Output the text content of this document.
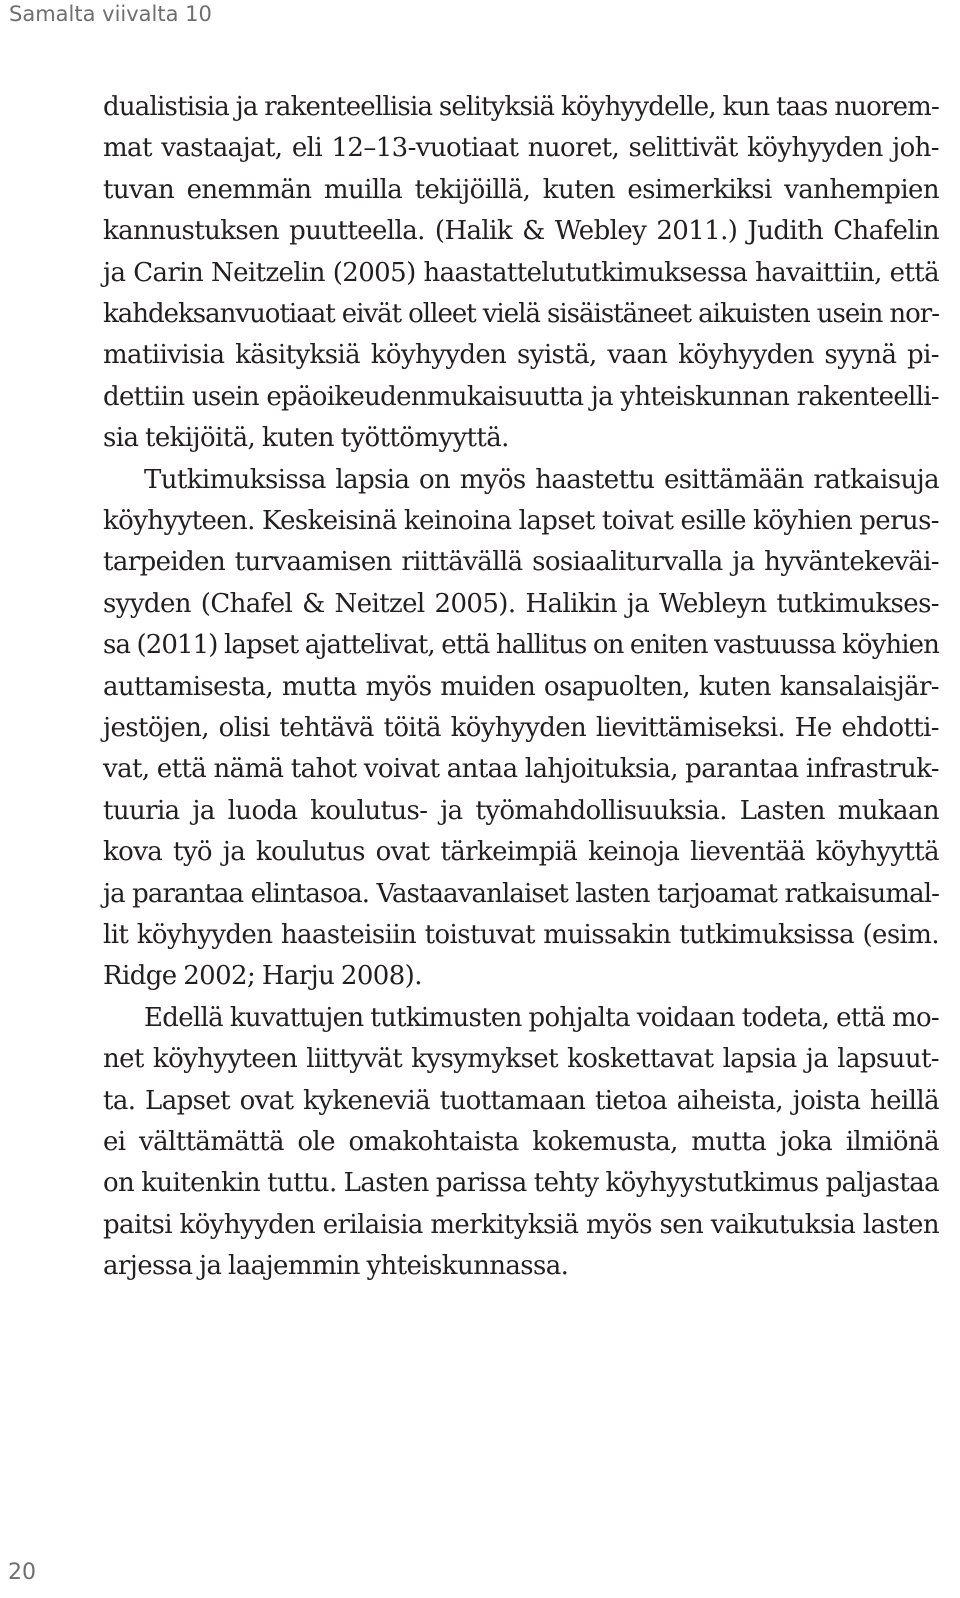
Samalta viivalta 10
dualistisia ja rakenteellisia selityksiä köyhyydelle, kun taas nuorem-
mat vastaajat, eli 12–13-vuotiaat nuoret, selittivät köyhyyden joh-
tuvan enemmän muilla tekijöillä, kuten esimerkiksi vanhempien
kannustuksen puutteella. (Halik & Webley 2011.) Judith Chafelin
ja Carin Neitzelin (2005) haastattelututkimuksessa havaittiin, että
kahdeksanvuotiaat eivät olleet vielä sisäistäneet aikuisten usein nor-
matiivisia käsityksiä köyhyyden syistä, vaan köyhyyden syynä pi-
dettiin usein epäoikeudenmukaisuutta ja yhteiskunnan rakenteelli-
sia tekijöitä, kuten työttömyyttä.
Tutkimuksissa lapsia on myös haastettu esittämään ratkaisuja
köyhyyteen. Keskeisinä keinoina lapset toivat esille köyhien perus-
tarpeiden turvaamisen riittävällä sosiaaliturvalla ja hyväntekeväi-
syyden (Chafel & Neitzel 2005). Halikin ja Webleyn tutkimukses-
sa (2011) lapset ajattelivat, että hallitus on eniten vastuussa köyhien
auttamisesta, mutta myös muiden osapuolten, kuten kansalaisjär-
jestöjen, olisi tehtävä töitä köyhyyden lievittämiseksi. He ehdotti-
vat, että nämä tahot voivat antaa lahjoituksia, parantaa infrastruk-
tuuria ja luoda koulutus- ja työmahdollisuuksia. Lasten mukaan
kova työ ja koulutus ovat tärkeimpiä keinoja lieventää köyhyyttä
ja parantaa elintasoa. Vastaavanlaiset lasten tarjoamat ratkaisumal-
lit köyhyyden haasteisiin toistuvat muissakin tutkimuksissa (esim.
Ridge 2002; Harju 2008).
Edellä kuvattujen tutkimusten pohjalta voidaan todeta, että mo-
net köyhyyteen liittyvät kysymykset koskettavat lapsia ja lapsuut-
ta. Lapset ovat kykeneviä tuottamaan tietoa aiheista, joista heillä
ei välttämättä ole omakohtaista kokemusta, mutta joka ilmiönä
on kuitenkin tuttu. Lasten parissa tehty köyhyystutkimus paljastaa
paitsi köyhyyden erilaisia merkityksiä myös sen vaikutuksia lasten
arjessa ja laajemmin yhteiskunnassa.
20
